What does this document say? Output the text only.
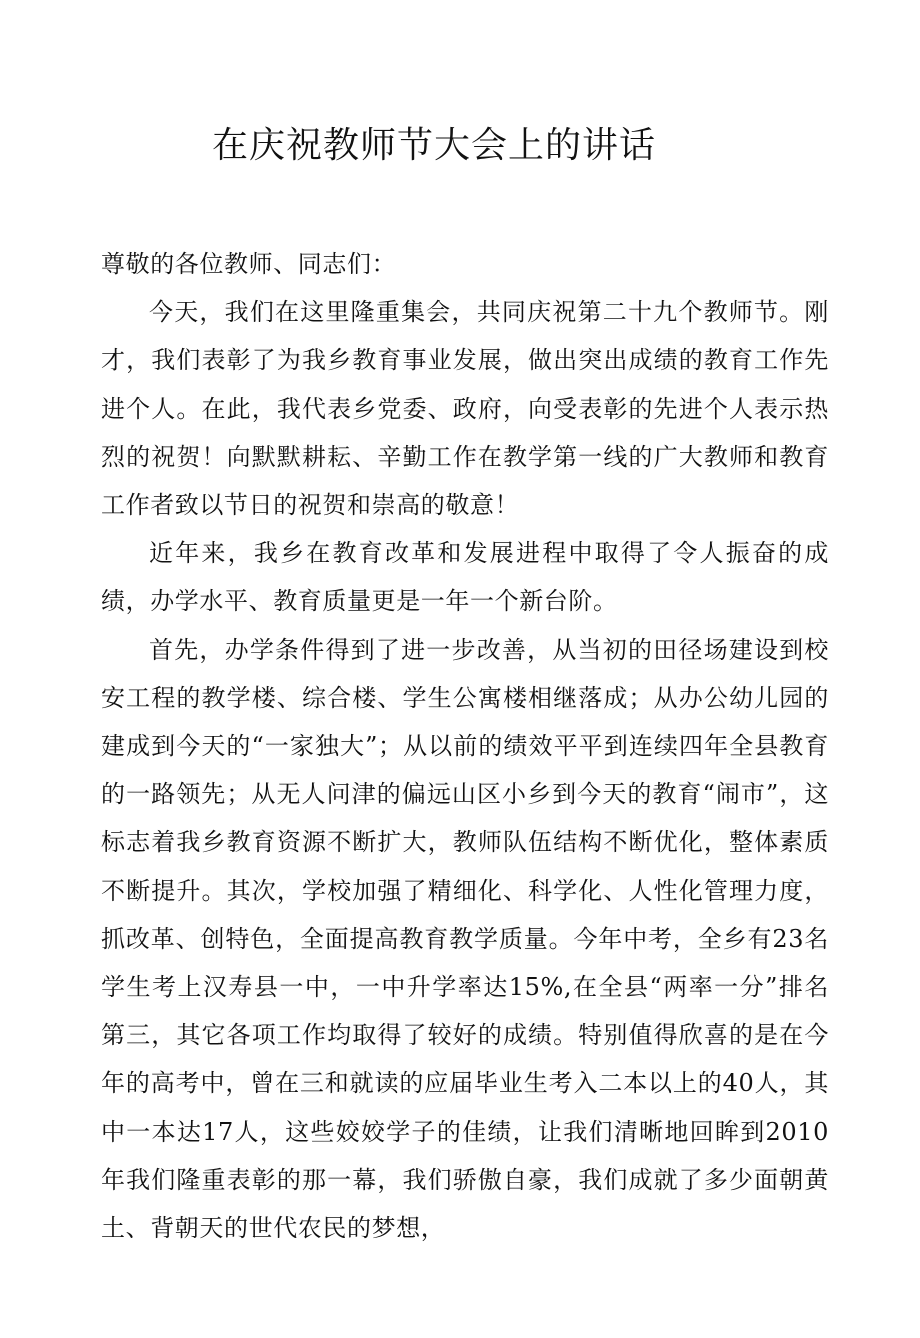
在庆祝教师节大会上的讲话

尊敬的各位教师、同志们：

今天，我们在这里隆重集会，共同庆祝第二十九个教师节。刚才，我们表彰了为我乡教育事业发展，做出突出成绩的教育工作先进个人。在此，我代表乡党委、政府，向受表彰的先进个人表示热烈的祝贺！向默默耕耘、辛勤工作在教学第一线的广大教师和教育工作者致以节日的祝贺和崇高的敬意！

近年来，我乡在教育改革和发展进程中取得了令人振奋的成绩，办学水平、教育质量更是一年一个新台阶。

首先，办学条件得到了进一步改善，从当初的田径场建设到校安工程的教学楼、综合楼、学生公寓楼相继落成；从办公幼儿园的建成到今天的“一家独大”；从以前的绩效平平到连续四年全县教育的一路领先；从无人问津的偏远山区小乡到今天的教育“闹市”，这标志着我乡教育资源不断扩大，教师队伍结构不断优化，整体素质不断提升。其次，学校加强了精细化、科学化、人性化管理力度，抓改革、创特色，全面提高教育教学质量。今年中考，全乡有23名学生考上汉寿县一中，一中升学率达15%,在全县“两率一分”排名第三，其它各项工作均取得了较好的成绩。特别值得欣喜的是在今年的高考中，曾在三和就读的应届毕业生考入二本以上的40人，其中一本达17人，这些姣姣学子的佳绩，让我们清晰地回眸到2010年我们隆重表彰的那一幕，我们骄傲自豪，我们成就了多少面朝黄土、背朝天的世代农民的梦想，
